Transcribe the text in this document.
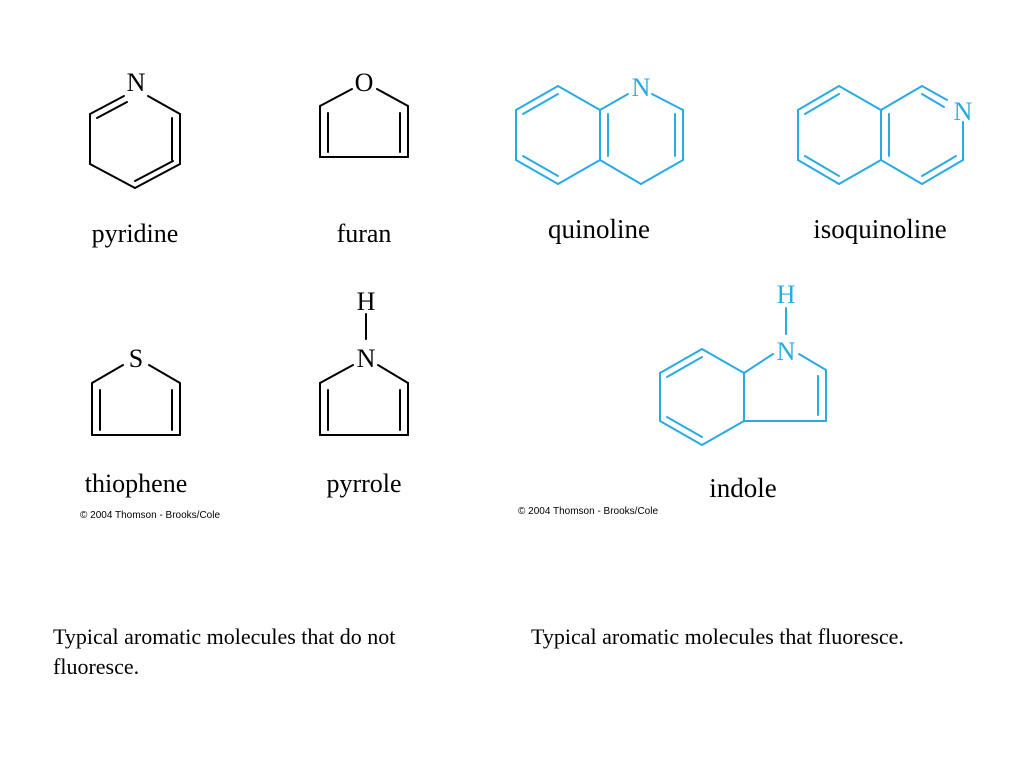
N
pyridine
O
furan
N
quinoline
N
isoquinoline
S
thiophene
© 2004 Thomson - Brooks/Cole
H
N
pyrrole
H
N
indole
© 2004 Thomson - Brooks/Cole

Typical aromatic molecules that do not fluoresce.

Typical aromatic molecules that fluoresce.
